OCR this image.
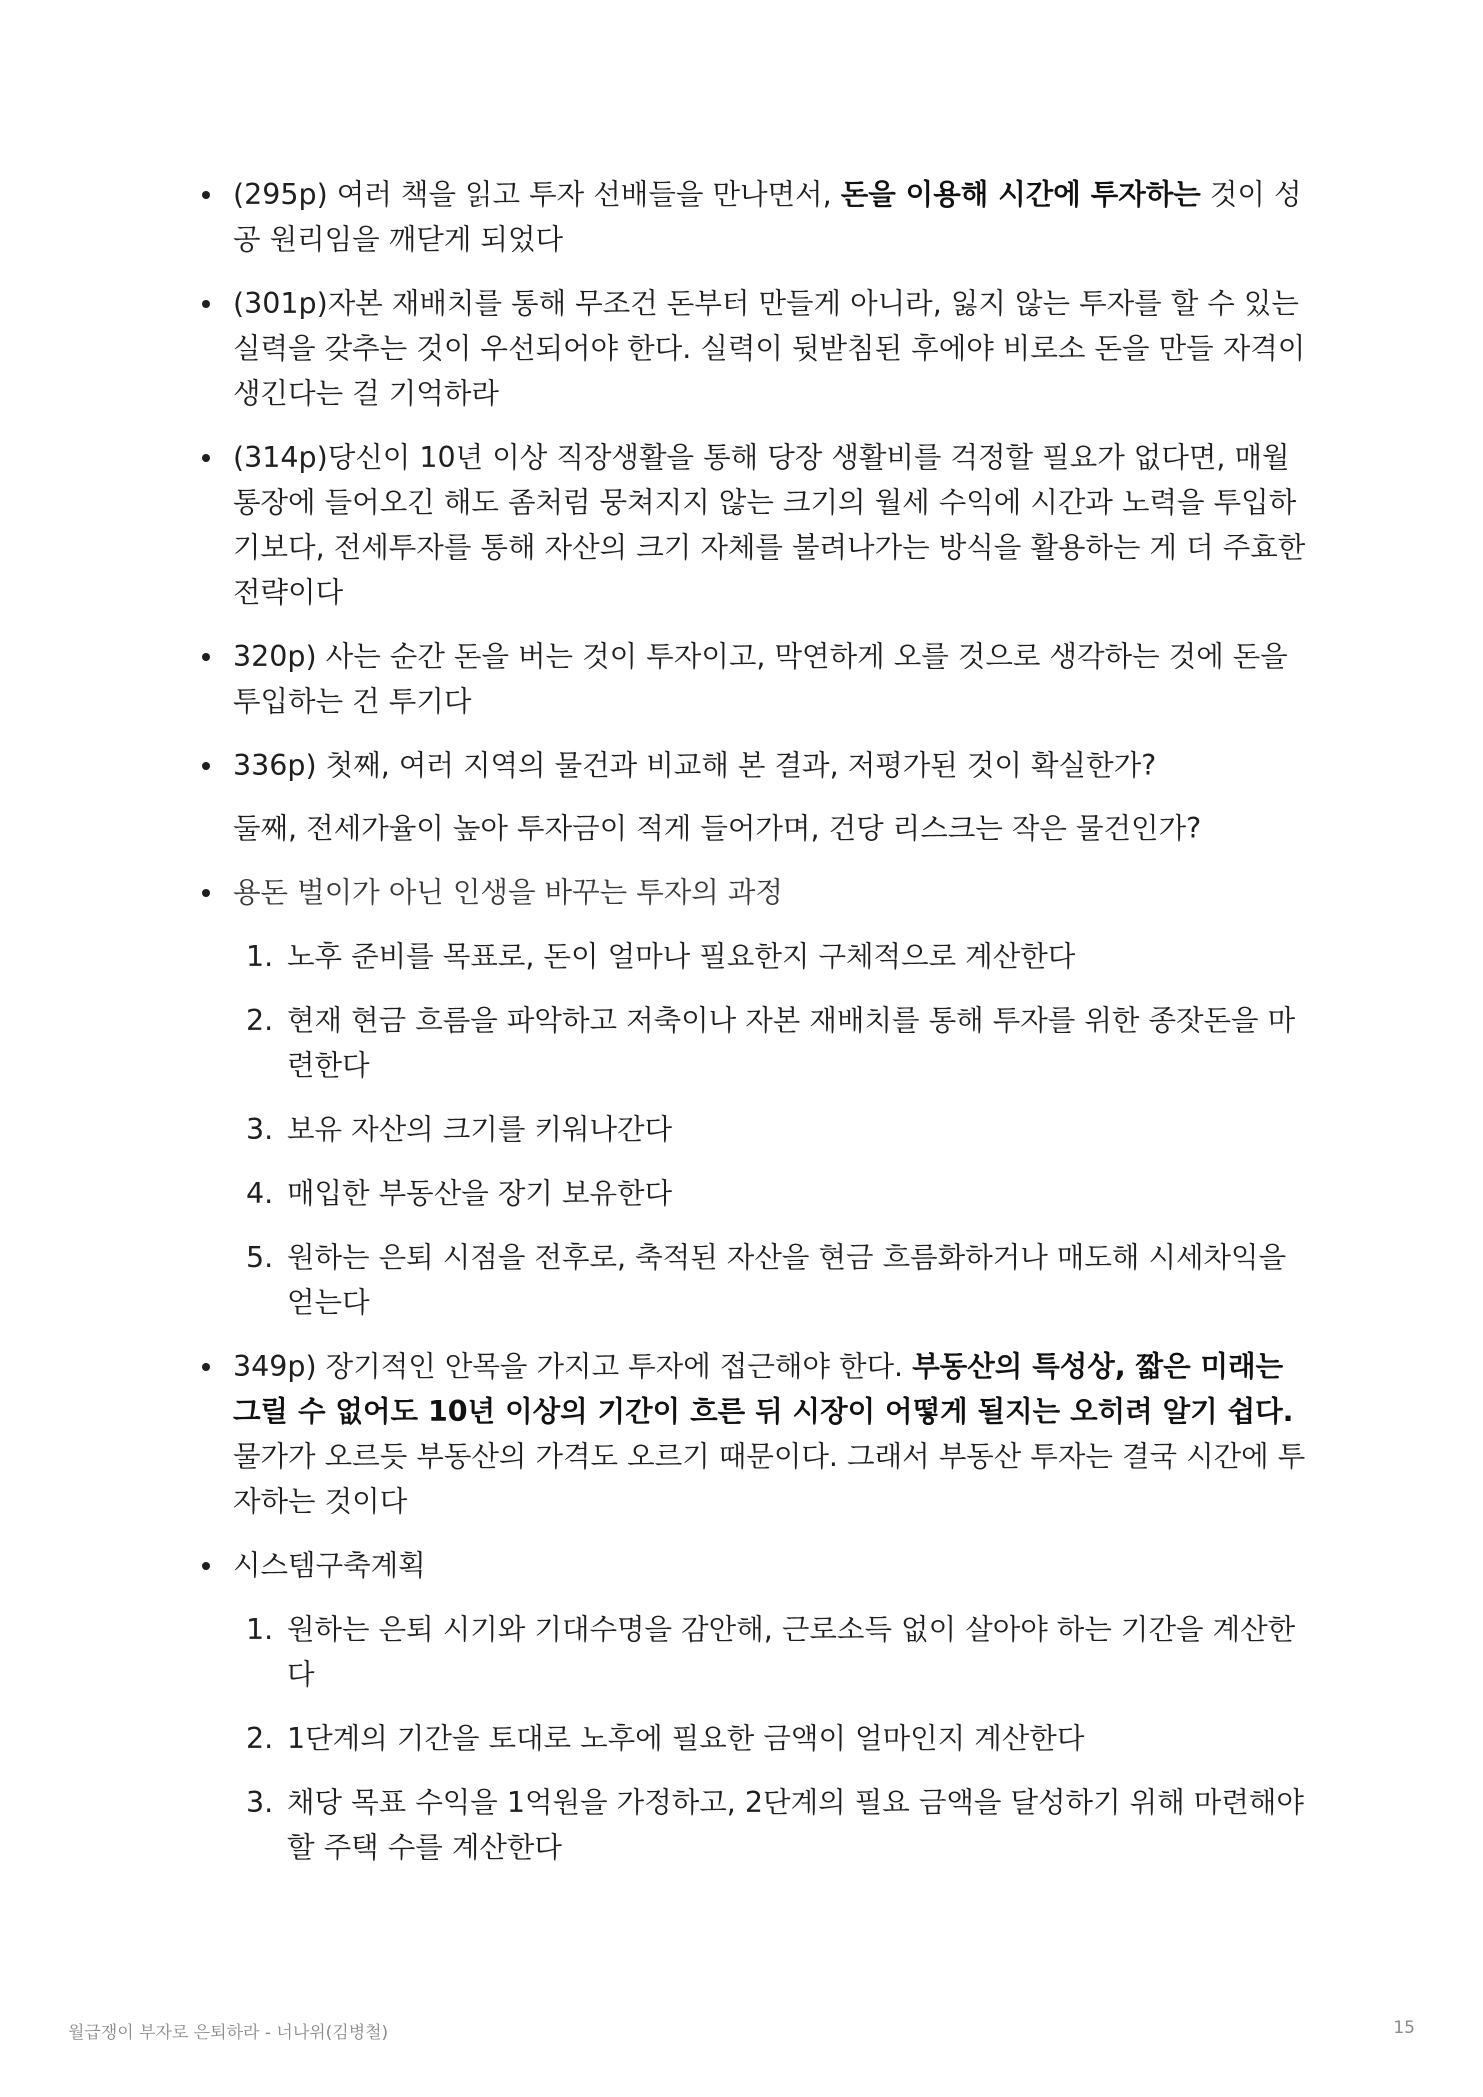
(295p) 여러 책을 읽고 투자 선배들을 만나면서, 돈을 이용해 시간에 투자하는 것이 성공 원리임을 깨닫게 되었다
(301p)자본 재배치를 통해 무조건 돈부터 만들게 아니라, 잃지 않는 투자를 할 수 있는 실력을 갖추는 것이 우선되어야 한다. 실력이 뒷받침된 후에야 비로소 돈을 만들 자격이 생긴다는 걸 기억하라
(314p)당신이 10년 이상 직장생활을 통해 당장 생활비를 걱정할 필요가 없다면, 매월 통장에 들어오긴 해도 좀처럼 뭉쳐지지 않는 크기의 월세 수익에 시간과 노력을 투입하기보다, 전세투자를 통해 자산의 크기 자체를 불려나가는 방식을 활용하는 게 더 주효한 전략이다
320p) 사는 순간 돈을 버는 것이 투자이고, 막연하게 오를 것으로 생각하는 것에 돈을 투입하는 건 투기다
336p) 첫째, 여러 지역의 물건과 비교해 본 결과, 저평가된 것이 확실한가?
둘째, 전세가율이 높아 투자금이 적게 들어가며, 건당 리스크는 작은 물건인가?
용돈 벌이가 아닌 인생을 바꾸는 투자의 과정
1. 노후 준비를 목표로, 돈이 얼마나 필요한지 구체적으로 계산한다
2. 현재 현금 흐름을 파악하고 저축이나 자본 재배치를 통해 투자를 위한 종잣돈을 마련한다
3. 보유 자산의 크기를 키워나간다
4. 매입한 부동산을 장기 보유한다
5. 원하는 은퇴 시점을 전후로, 축적된 자산을 현금 흐름화하거나 매도해 시세차익을 얻는다
349p) 장기적인 안목을 가지고 투자에 접근해야 한다. 부동산의 특성상, 짧은 미래는 그릴 수 없어도 10년 이상의 기간이 흐른 뒤 시장이 어떻게 될지는 오히려 알기 쉽다. 물가가 오르듯 부동산의 가격도 오르기 때문이다. 그래서 부동산 투자는 결국 시간에 투자하는 것이다
시스템구축계획
1. 원하는 은퇴 시기와 기대수명을 감안해, 근로소득 없이 살아야 하는 기간을 계산한다
2. 1단계의 기간을 토대로 노후에 필요한 금액이 얼마인지 계산한다
3. 채당 목표 수익을 1억원을 가정하고, 2단계의 필요 금액을 달성하기 위해 마련해야 할 주택 수를 계산한다
월급쟁이 부자로 은퇴하라 - 너나위(김병철)	15
